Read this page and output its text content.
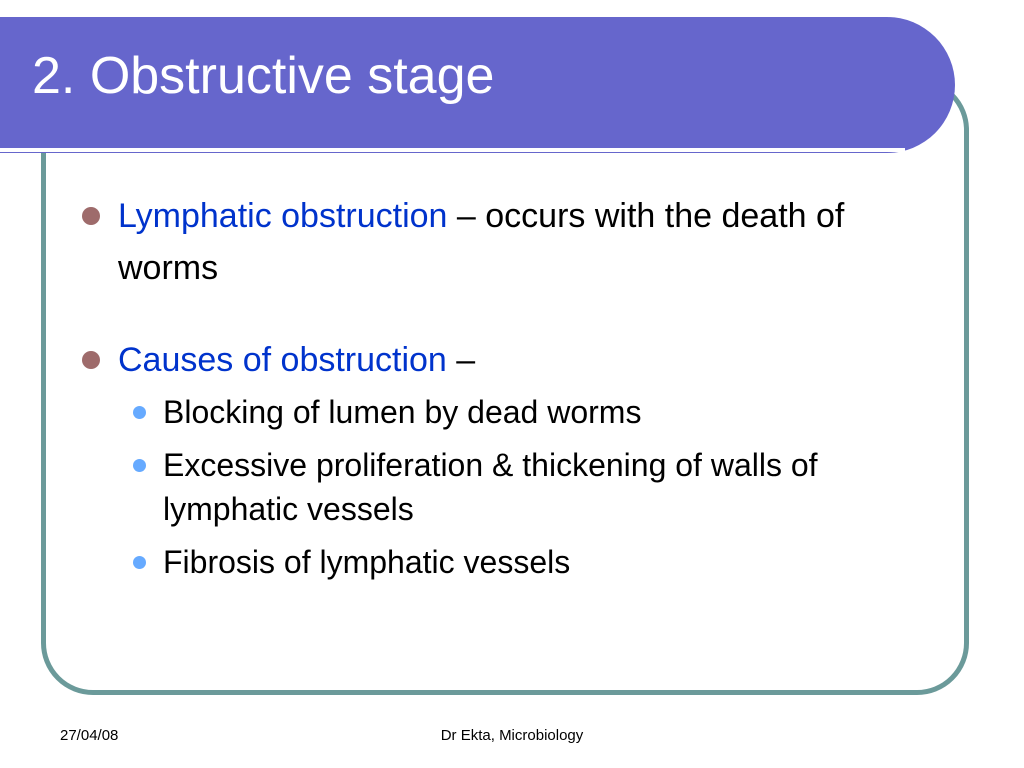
2. Obstructive stage
Lymphatic obstruction – occurs with the death of worms
Causes of obstruction –
Blocking of lumen by dead worms
Excessive proliferation & thickening of walls of lymphatic vessels
Fibrosis of lymphatic vessels
27/04/08	Dr Ekta, Microbiology
